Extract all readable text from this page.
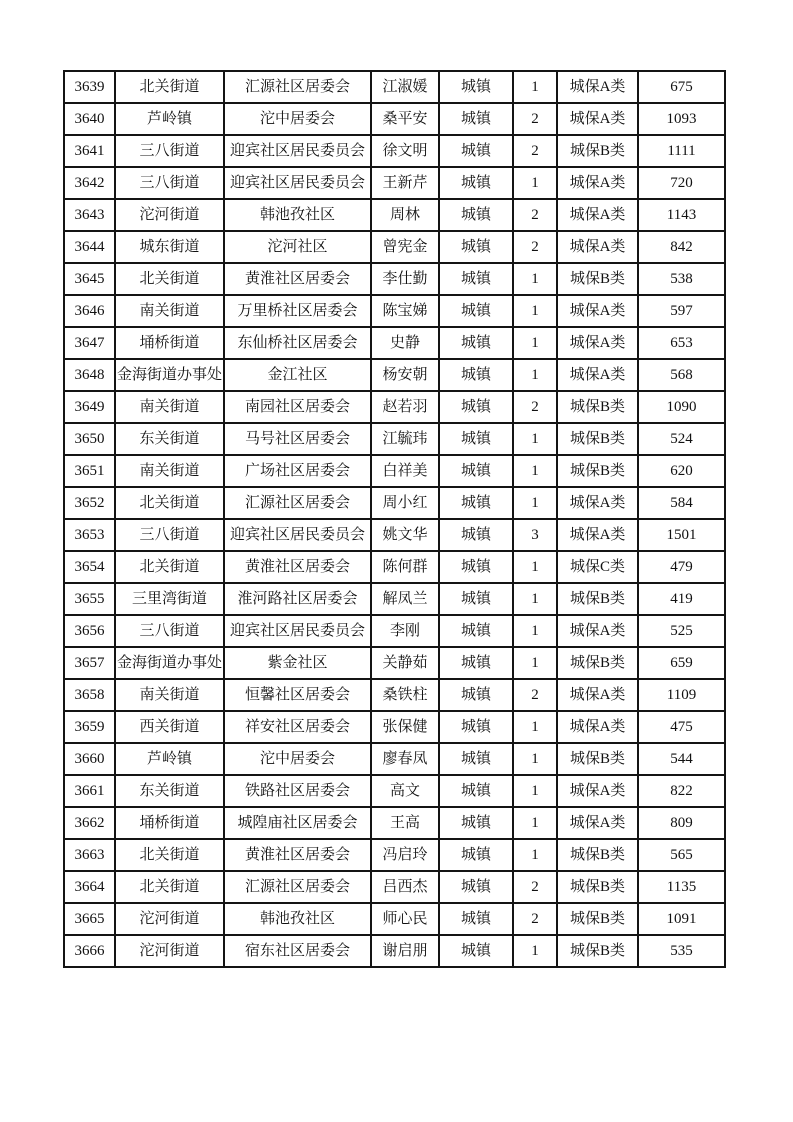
3639	北关街道	汇源社区居委会	江淑媛	城镇	1	城保A类	675
3640	芦岭镇	沱中居委会	桑平安	城镇	2	城保A类	1093
3641	三八街道	迎宾社区居民委员会	徐文明	城镇	2	城保B类	1111
3642	三八街道	迎宾社区居民委员会	王新芹	城镇	1	城保A类	720
3643	沱河街道	韩池孜社区	周林	城镇	2	城保A类	1143
3644	城东街道	沱河社区	曾宪金	城镇	2	城保A类	842
3645	北关街道	黄淮社区居委会	李仕勤	城镇	1	城保B类	538
3646	南关街道	万里桥社区居委会	陈宝娣	城镇	1	城保A类	597
3647	埇桥街道	东仙桥社区居委会	史静	城镇	1	城保A类	653
3648	金海街道办事处	金江社区	杨安朝	城镇	1	城保A类	568
3649	南关街道	南园社区居委会	赵若羽	城镇	2	城保B类	1090
3650	东关街道	马号社区居委会	江毓玮	城镇	1	城保B类	524
3651	南关街道	广场社区居委会	白祥美	城镇	1	城保B类	620
3652	北关街道	汇源社区居委会	周小红	城镇	1	城保A类	584
3653	三八街道	迎宾社区居民委员会	姚文华	城镇	3	城保A类	1501
3654	北关街道	黄淮社区居委会	陈何群	城镇	1	城保C类	479
3655	三里湾街道	淮河路社区居委会	解凤兰	城镇	1	城保B类	419
3656	三八街道	迎宾社区居民委员会	李刚	城镇	1	城保A类	525
3657	金海街道办事处	紫金社区	关静茹	城镇	1	城保B类	659
3658	南关街道	恒馨社区居委会	桑铁柱	城镇	2	城保A类	1109
3659	西关街道	祥安社区居委会	张保健	城镇	1	城保A类	475
3660	芦岭镇	沱中居委会	廖春凤	城镇	1	城保B类	544
3661	东关街道	铁路社区居委会	高文	城镇	1	城保A类	822
3662	埇桥街道	城隍庙社区居委会	王高	城镇	1	城保A类	809
3663	北关街道	黄淮社区居委会	冯启玲	城镇	1	城保B类	565
3664	北关街道	汇源社区居委会	吕西杰	城镇	2	城保B类	1135
3665	沱河街道	韩池孜社区	师心民	城镇	2	城保B类	1091
3666	沱河街道	宿东社区居委会	谢启朋	城镇	1	城保B类	535
